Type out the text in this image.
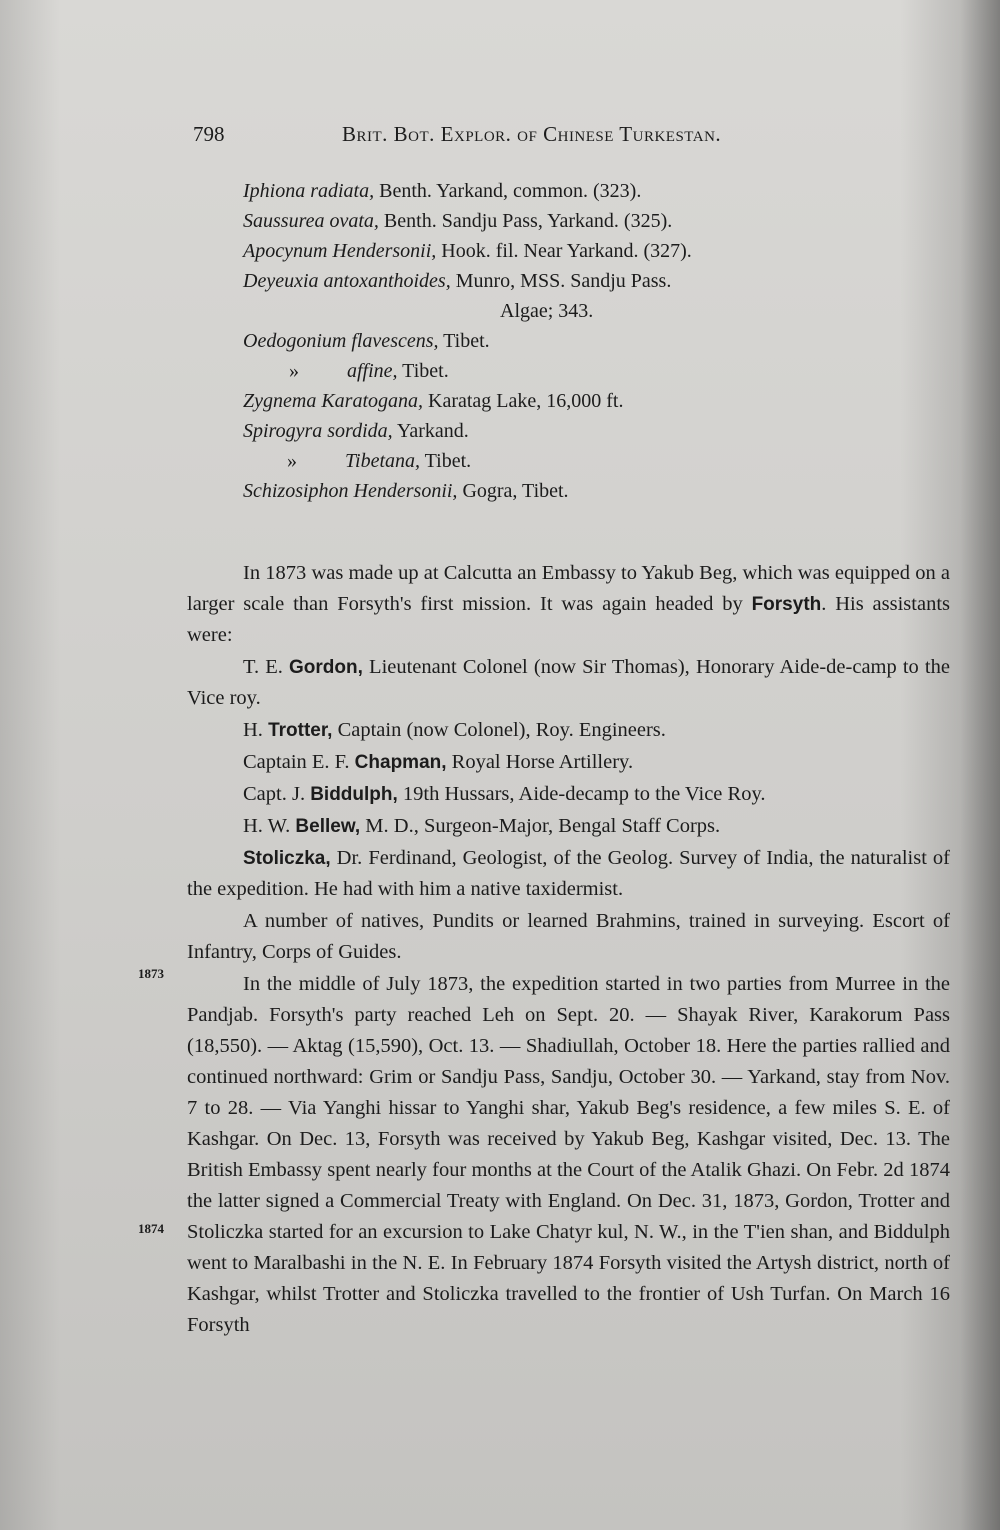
798	Brit. Bot. Explor. of Chinese Turkestan.
Iphiona radiata, Benth. Yarkand, common. (323).
Saussurea ovata, Benth. Sandju Pass, Yarkand. (325).
Apocynum Hendersonii, Hook. fil. Near Yarkand. (327).
Deyeuxia antoxanthoides, Munro, MSS. Sandju Pass.
Algae; 343.
Oedogonium flavescens, Tibet.
» affine, Tibet.
Zygnema Karatogana, Karatag Lake, 16,000 ft.
Spirogyra sordida, Yarkand.
» Tibetana, Tibet.
Schizosiphon Hendersonii, Gogra, Tibet.

In 1873 was made up at Calcutta an Embassy to Yakub Beg, which was equipped on a larger scale than Forsyth's first mission. It was again headed by Forsyth. His assistants were:

T. E. Gordon, Lieutenant Colonel (now Sir Thomas), Honorary Aide-de-camp to the Vice roy.

H. Trotter, Captain (now Colonel), Roy. Engineers.

Captain E. F. Chapman, Royal Horse Artillery.

Capt. J. Biddulph, 19th Hussars, Aide-decamp to the Vice Roy.

H. W. Bellew, M. D., Surgeon-Major, Bengal Staff Corps.

Stoliczka, Dr. Ferdinand, Geologist, of the Geolog. Survey of India, the naturalist of the expedition. He had with him a native taxidermist.

A number of natives, Pundits or learned Brahmins, trained in surveying. Escort of Infantry, Corps of Guides.

In the middle of July 1873, the expedition started in two parties from Murree in the Pandjab. Forsyth's party reached Leh on Sept. 20. — Shayak River, Karakorum Pass (18,550). — Aktag (15,590), Oct. 13. — Shadiullah, October 18. Here the parties rallied and continued northward: Grim or Sandju Pass, Sandju, October 30. — Yarkand, stay from Nov. 7 to 28. — Via Yanghi hissar to Yanghi shar, Yakub Beg's residence, a few miles S. E. of Kashgar. On Dec. 13, Forsyth was received by Yakub Beg, Kashgar visited, Dec. 13. The British Embassy spent nearly four months at the Court of the Atalik Ghazi. On Febr. 2d 1874 the latter signed a Commercial Treaty with England. On Dec. 31, 1873, Gordon, Trotter and Stoliczka started for an excursion to Lake Chatyr kul, N. W., in the T'ien shan, and Biddulph went to Maralbashi in the N. E. In February 1874 Forsyth visited the Artysh district, north of Kashgar, whilst Trotter and Stoliczka travelled to the frontier of Ush Turfan. On March 16 Forsyth

1873
1874
